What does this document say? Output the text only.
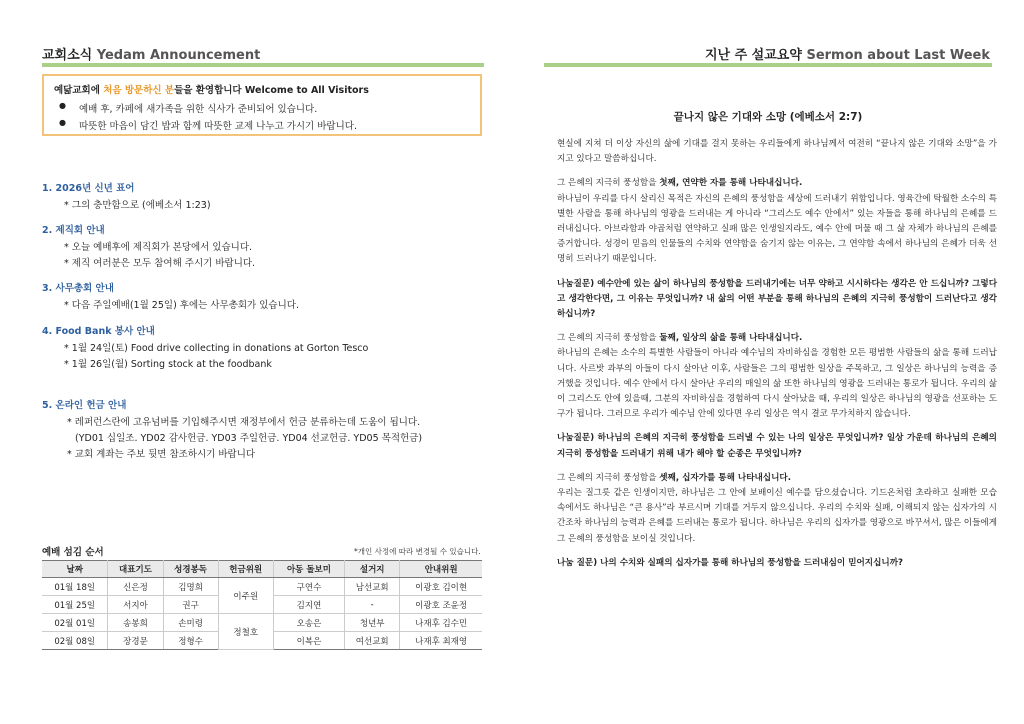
교회소식 Yedam Announcement
예닮교회에 처음 방문하신 분들을 환영합니다 Welcome to All Visitors
● 예배 후, 카페에 새가족을 위한 식사가 준비되어 있습니다.
● 따뜻한 마음이 담긴 밥과 함께 따뜻한 교제 나누고 가시기 바랍니다.
1. 2026년 신년 표어
* 그의 충만함으로 (에베소서 1:23)
2. 제직회 안내
* 오늘 예배후에 제직회가 본당에서 있습니다.
* 제직 여러분은 모두 참여해 주시기 바랍니다.
3. 사무총회 안내
* 다음 주일예배(1월 25일) 후에는 사무총회가 있습니다.
4. Food Bank 봉사 안내
* 1월 24일(토) Food drive collecting in donations at Gorton Tesco
* 1월 26일(월) Sorting stock at the foodbank
5. 온라인 헌금 안내
* 레퍼런스란에 고유넘버를 기입해주시면 재정부에서 헌금 분류하는데 도움이 됩니다.
(YD01 십일조. YD02 감사헌금. YD03 주일헌금. YD04 선교헌금. YD05 목적헌금)
* 교회 계좌는 주보 뒷면 참조하시기 바랍니다
예배 섬김 순서	*개인 사정에 따라 변경될 수 있습니다.
날짜	대표기도	성경봉독	헌금위원	아동 돌보미	설거지	안내위원
01월 18일	신은정	김명희	이주원	구연수	남선교회	이광호 김이현
01월 25일	서지아	권구		김지연	-	이광호 조윤정
02월 01일	송봉희	손미령	정철호	오송은	청년부	나재후 김수민
02월 08일	장경문	정형수		이복은	여선교회	나재후 최재영
지난 주 설교요약 Sermon about Last Week
끝나지 않은 기대와 소망 (에베소서 2:7)

현실에 지쳐 더 이상 자신의 삶에 기대를 걸지 못하는 우리들에게 하나님께서 여전히 “끝나지 않은 기대와 소망”을 가지고 있다고 말씀하십니다.

그 은혜의 지극히 풍성함을 첫째, 연약한 자를 통해 나타내십니다.
하나님이 우리를 다시 살리신 목적은 자신의 은혜의 풍성함을 세상에 드러내기 위함입니다. 영육간에 탁월한 소수의 특별한 사람을 통해 하나님의 영광을 드러내는 게 아니라 “그리스도 예수 안에서” 있는 자들을 통해 하나님의 은혜를 드러내십니다. 아브라함과 야곱처럼 연약하고 실패 많은 인생일지라도, 예수 안에 머물 때 그 삶 자체가 하나님의 은혜를 증거합니다. 성경이 믿음의 인물들의 수치와 연약함을 숨기지 않는 이유는, 그 연약함 속에서 하나님의 은혜가 더욱 선명히 드러나기 때문입니다.

나눔질문) 예수안에 있는 삶이 하나님의 풍성함을 드러내기에는 너무 약하고 시시하다는 생각은 안 드십니까? 그렇다고 생각한다면, 그 이유는 무엇입니까? 내 삶의 어떤 부분을 통해 하나님의 은혜의 지극히 풍성함이 드러난다고 생각하십니까?

그 은혜의 지극히 풍성함을 둘째, 일상의 삶을 통해 나타내십니다.
하나님의 은혜는 소수의 특별한 사람들이 아니라 예수님의 자비하심을 경험한 모든 평범한 사람들의 삶을 통해 드러납니다. 사르밧 과부의 아들이 다시 살아난 이후, 사람들은 그의 평범한 일상을 주목하고, 그 일상은 하나님의 능력을 증거했을 것입니다. 예수 안에서 다시 살아난 우리의 매일의 삶 또한 하나님의 영광을 드러내는 통로가 됩니다. 우리의 삶이 그리스도 안에 있을때, 그분의 자비하심을 경험하여 다시 살아났을 때, 우리의 일상은 하나님의 영광을 선포하는 도구가 됩니다. 그러므로 우리가 예수님 안에 있다면 우리 일상은 역시 결코 무가치하지 않습니다.

나눔질문) 하나님의 은혜의 지극히 풍성함을 드러낼 수 있는 나의 일상은 무엇입니까? 일상 가운데 하나님의 은혜의 지극히 풍성함을 드러내기 위해 내가 해야 할 순종은 무엇입니까?

그 은혜의 지극히 풍성함을 셋째, 십자가를 통해 나타내십니다.
우리는 질그릇 같은 인생이지만, 하나님은 그 안에 보배이신 예수를 담으셨습니다. 기드온처럼 초라하고 실패한 모습 속에서도 하나님은 “큰 용사”라 부르시며 기대를 거두지 않으십니다. 우리의 수치와 실패, 이해되지 않는 십자가의 시간조차 하나님의 능력과 은혜를 드러내는 통로가 됩니다. 하나님은 우리의 십자가를 영광으로 바꾸셔서, 많은 이들에게 그 은혜의 풍성함을 보이실 것입니다.

나눔 질문) 나의 수치와 실패의 십자가를 통해 하나님의 풍성함을 드러내심이 믿어지십니까?
